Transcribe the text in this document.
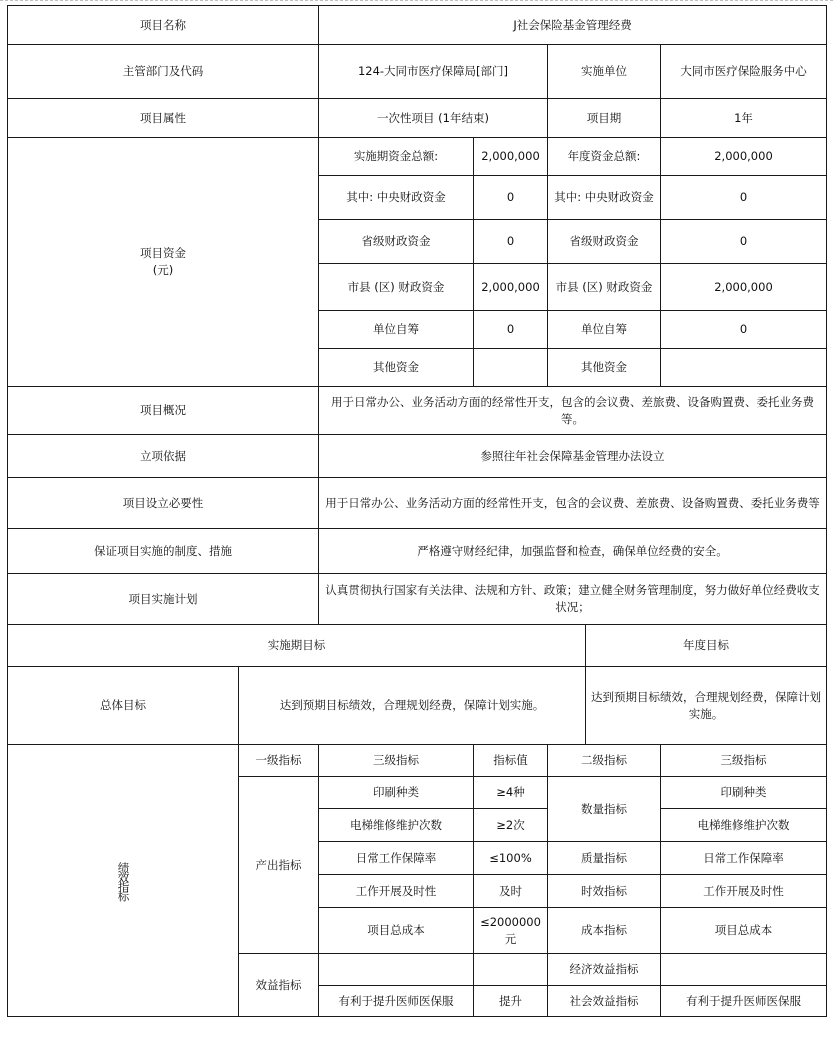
项目名称		J社会保险基金管理经费				
主管部门及代码		124-大同市医疗保障局[部门]		实施单位		大同市医疗保险服务中心
项目属性		一次性项目 (1年结束)		项目期		1年
项目资金
(元)		实施期资金总额:	2,000,000	年度资金总额:		2,000,000
		其中: 中央财政资金	0	其中: 中央财政资金		0
		省级财政资金	0	省级财政资金		0
		市县 (区) 财政资金	2,000,000	市县 (区) 财政资金		2,000,000
		单位自筹	0	单位自筹		0
		其他资金		其他资金		
项目概况		用于日常办公、业务活动方面的经常性开支，包含的会议费、差旅费、设备购置费、委托业务费等。				
立项依据		参照往年社会保障基金管理办法设立				
项目设立必要性		用于日常办公、业务活动方面的经常性开支，包含的会议费、差旅费、设备购置费、委托业务费等				
保证项目实施的制度、措施		严格遵守财经纪律，加强监督和检查，确保单位经费的安全。				
项目实施计划		认真贯彻执行国家有关法律、法规和方针、政策；建立健全财务管理制度，努力做好单位经费收支状况；				
实施期目标					年度目标	
总体目标	达到预期目标绩效，合理规划经费，保障计划实施。				达到预期目标绩效，合理规划经费，保障计划实施。	
绩效指标	一级指标	三级指标	指标值	二级指标		三级指标
	产出指标	印刷种类	≥4种	数量指标		印刷种类
		电梯维修维护次数	≥2次			电梯维修维护次数
		日常工作保障率	≤100%	质量指标		日常工作保障率
		工作开展及时性	及时	时效指标		工作开展及时性
		项目总成本	≤2000000元	成本指标		项目总成本
	效益指标			经济效益指标		
		有利于提升医师医保服	提升	社会效益指标		有利于提升医师医保服
